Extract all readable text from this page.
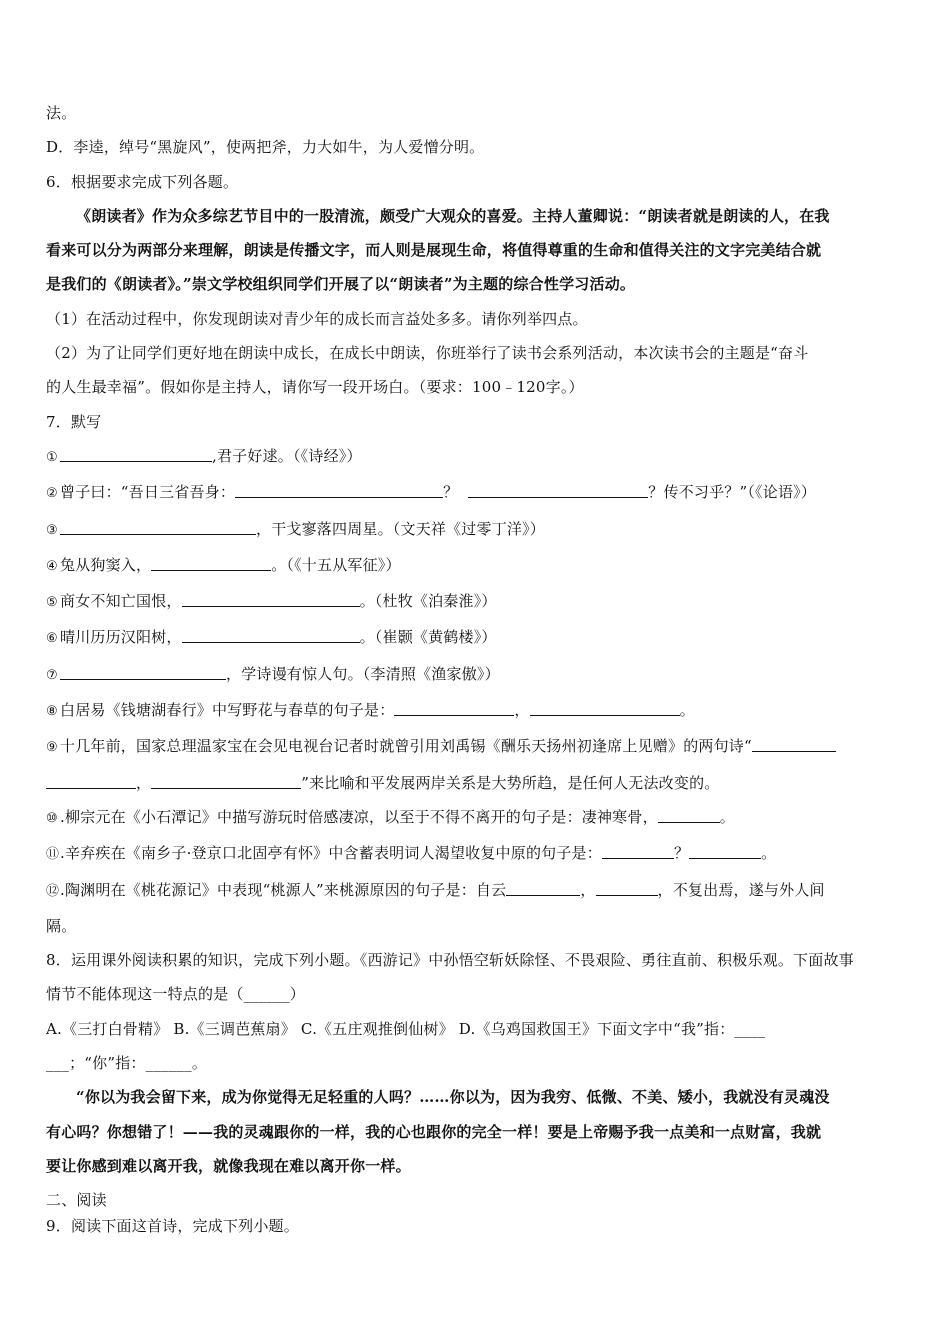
法。
D．李逵，绰号“黑旋风”，使两把斧，力大如牛，为人爱憎分明。
6．根据要求完成下列各题。
《朗读者》作为众多综艺节目中的一股清流，颇受广大观众的喜爱。主持人董卿说：“朗读者就是朗读的人，在我
看来可以分为两部分来理解，朗读是传播文字，而人则是展现生命，将值得尊重的生命和值得关注的文字完美结合就
是我们的《朗读者》。”崇文学校组织同学们开展了以“朗读者”为主题的综合性学习活动。
（1）在活动过程中，你发现朗读对青少年的成长而言益处多多。请你列举四点。
（2）为了让同学们更好地在朗读中成长，在成长中朗读，你班举行了读书会系列活动，本次读书会的主题是“奋斗
的人生最幸福”。假如你是主持人，请你写一段开场白。（要求：100﹣120字。）
7．默写
①	,君子好逑。（《诗经》）
② 曾子曰：“吾日三省吾身：	？	？传不习乎？”（《论语》）
③	，干戈寥落四周星。（文天祥《过零丁洋》）
④ 兔从狗窦入，	。（《十五从军征》）
⑤ 商女不知亡国恨，	。（杜牧《泊秦淮》）
⑥ 晴川历历汉阳树，	。（崔颢《黄鹤楼》）
⑦	，学诗谩有惊人句。（李清照《渔家傲》）
⑧ 白居易《钱塘湖春行》中写野花与春草的句子是：	，	。
⑨ 十几年前，国家总理温家宝在会见电视台记者时就曾引用刘禹锡《酬乐天扬州初逢席上见赠》的两句诗“
，	”来比喻和平发展两岸关系是大势所趋，是任何人无法改变的。
⑩ .柳宗元在《小石潭记》中描写游玩时倍感凄凉，以至于不得不离开的句子是：凄神寒骨，	。
⑪.辛弃疾在《南乡子·登京口北固亭有怀》中含蓄表明词人渴望收复中原的句子是：	？	。
⑫.陶渊明在《桃花源记》中表现“桃源人”来桃源原因的句子是：自云	，	，不复出焉，遂与外人间
隔。
8．运用课外阅读积累的知识，完成下列小题。《西游记》中孙悟空斩妖除怪、不畏艰险、勇往直前、积极乐观。下面故事
情节不能体现这一特点的是（______）
A.《三打白骨精》 B.《三调芭蕉扇》 C.《五庄观推倒仙树》 D.《乌鸡国救国王》下面文字中“我”指：____
___；“你”指：______。
“你以为我会留下来，成为你觉得无足轻重的人吗？……你以为，因为我穷、低微、不美、矮小，我就没有灵魂没
有心吗？你想错了！——我的灵魂跟你的一样，我的心也跟你的完全一样！要是上帝赐予我一点美和一点财富，我就
要让你感到难以离开我，就像我现在难以离开你一样。
二、阅读
9．阅读下面这首诗，完成下列小题。
